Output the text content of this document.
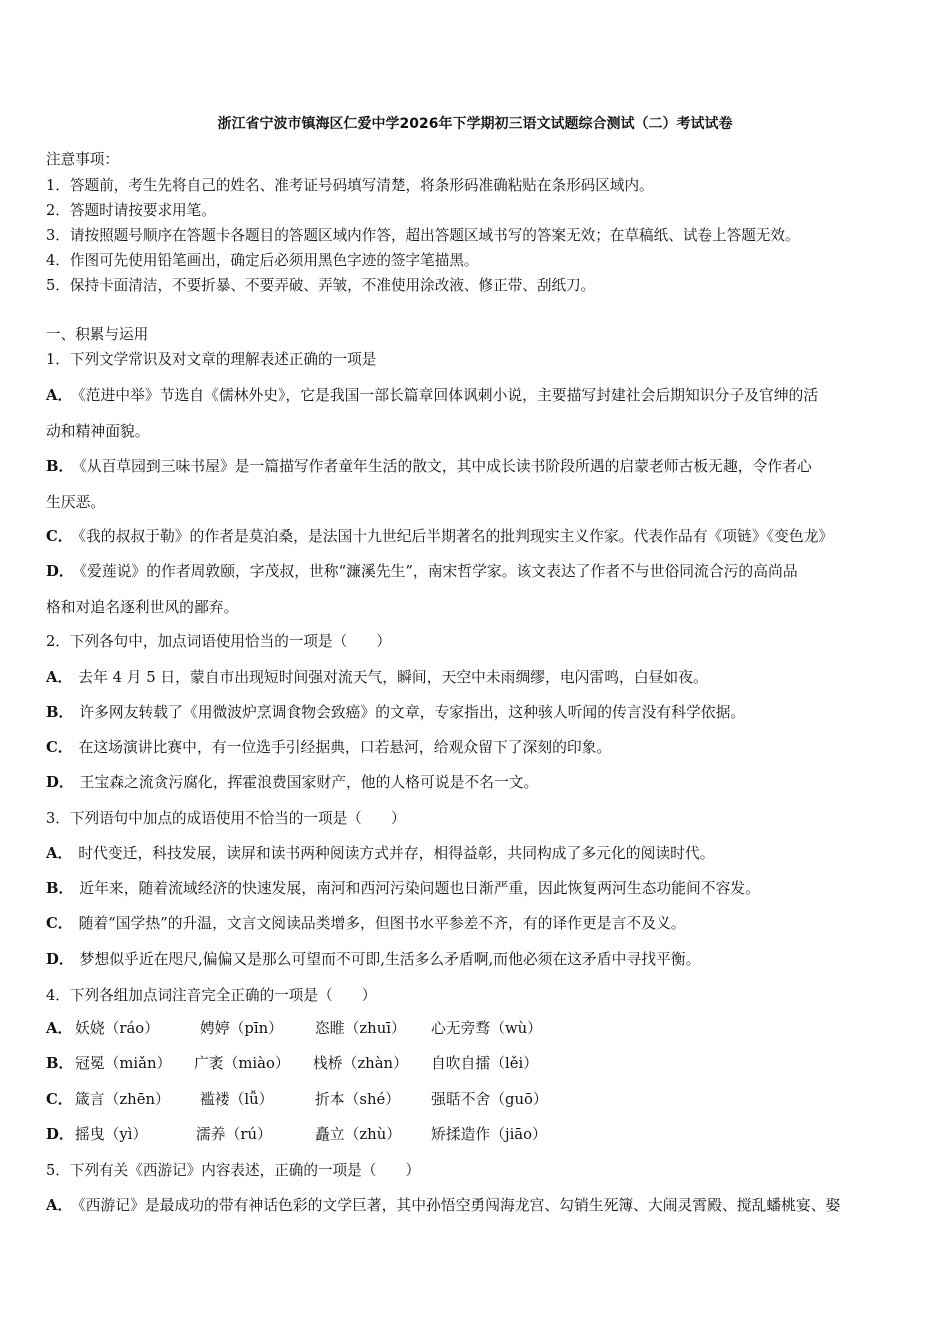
浙江省宁波市镇海区仁爱中学2026年下学期初三语文试题综合测试（二）考试试卷
注意事项：
1．答题前，考生先将自己的姓名、准考证号码填写清楚，将条形码准确粘贴在条形码区域内。
2．答题时请按要求用笔。
3．请按照题号顺序在答题卡各题目的答题区域内作答，超出答题区域书写的答案无效；在草稿纸、试卷上答题无效。
4．作图可先使用铅笔画出，确定后必须用黑色字迹的签字笔描黑。
5．保持卡面清洁，不要折暴、不要弄破、弄皱，不准使用涂改液、修正带、刮纸刀。
一、积累与运用
1．下列文学常识及对文章的理解表述正确的一项是
A． 《范进中举》节选自《儒林外史》，它是我国一部长篇章回体讽刺小说，主要描写封建社会后期知识分子及官绅的活
动和精神面貌。
B． 《从百草园到三味书屋》是一篇描写作者童年生活的散文，其中成长读书阶段所遇的启蒙老师古板无趣，令作者心
生厌恶。
C． 《我的叔叔于勒》的作者是莫泊桑，是法国十九世纪后半期著名的批判现实主义作家。代表作品有《项链》《变色龙》
D． 《爱莲说》的作者周敦颐，字茂叔，世称“濂溪先生”，南宋哲学家。该文表达了作者不与世俗同流合污的高尚品
格和对追名逐利世风的鄙弃。
2．下列各句中，加点词语使用恰当的一项是（　　）
A． 去年 4 月 5 日，蒙自市出现短时间强对流天气，瞬间，天空中未雨绸缪，电闪雷鸣，白昼如夜。
B． 许多网友转载了《用微波炉烹调食物会致癌》的文章，专家指出，这种骇人听闻的传言没有科学依据。
C． 在这场演讲比赛中，有一位选手引经据典，口若悬河，给观众留下了深刻的印象。
D． 王宝森之流贪污腐化，挥霍浪费国家财产，他的人格可说是不名一文。
3．下列语句中加点的成语使用不恰当的一项是（　　）
A． 时代变迁，科技发展，读屏和读书两种阅读方式并存，相得益彰，共同构成了多元化的阅读时代。
B． 近年来，随着流域经济的快速发展，南河和西河污染问题也日渐严重，因此恢复两河生态功能间不容发。
C． 随着“国学热”的升温，文言文阅读品类增多，但图书水平参差不齐，有的译作更是言不及义。
D． 梦想似乎近在咫尺,偏偏又是那么可望而不可即,生活多么矛盾啊,而他必须在这矛盾中寻找平衡。
4．下列各组加点词注音完全正确的一项是（　　）
A． 妖娆（ráo）	娉婷（pīn） 恣睢（zhuī） 心无旁骛（wù）
B． 冠冕（miǎn） 广袤（miào） 栈桥（zhàn） 自吹自擂（lěi）
C． 箴言（zhēn） 褴褛（lǚ）	折本（shé） 强聒不舍（guō）
D． 摇曳（yì）	濡养（rú）	矗立（zhù） 矫揉造作（jiāo）
5．下列有关《西游记》内容表述，正确的一项是（　　）
A． 《西游记》是最成功的带有神话色彩的文学巨著，其中孙悟空勇闯海龙宫、勾销生死簿、大闹灵霄殿、搅乱蟠桃宴、娶
